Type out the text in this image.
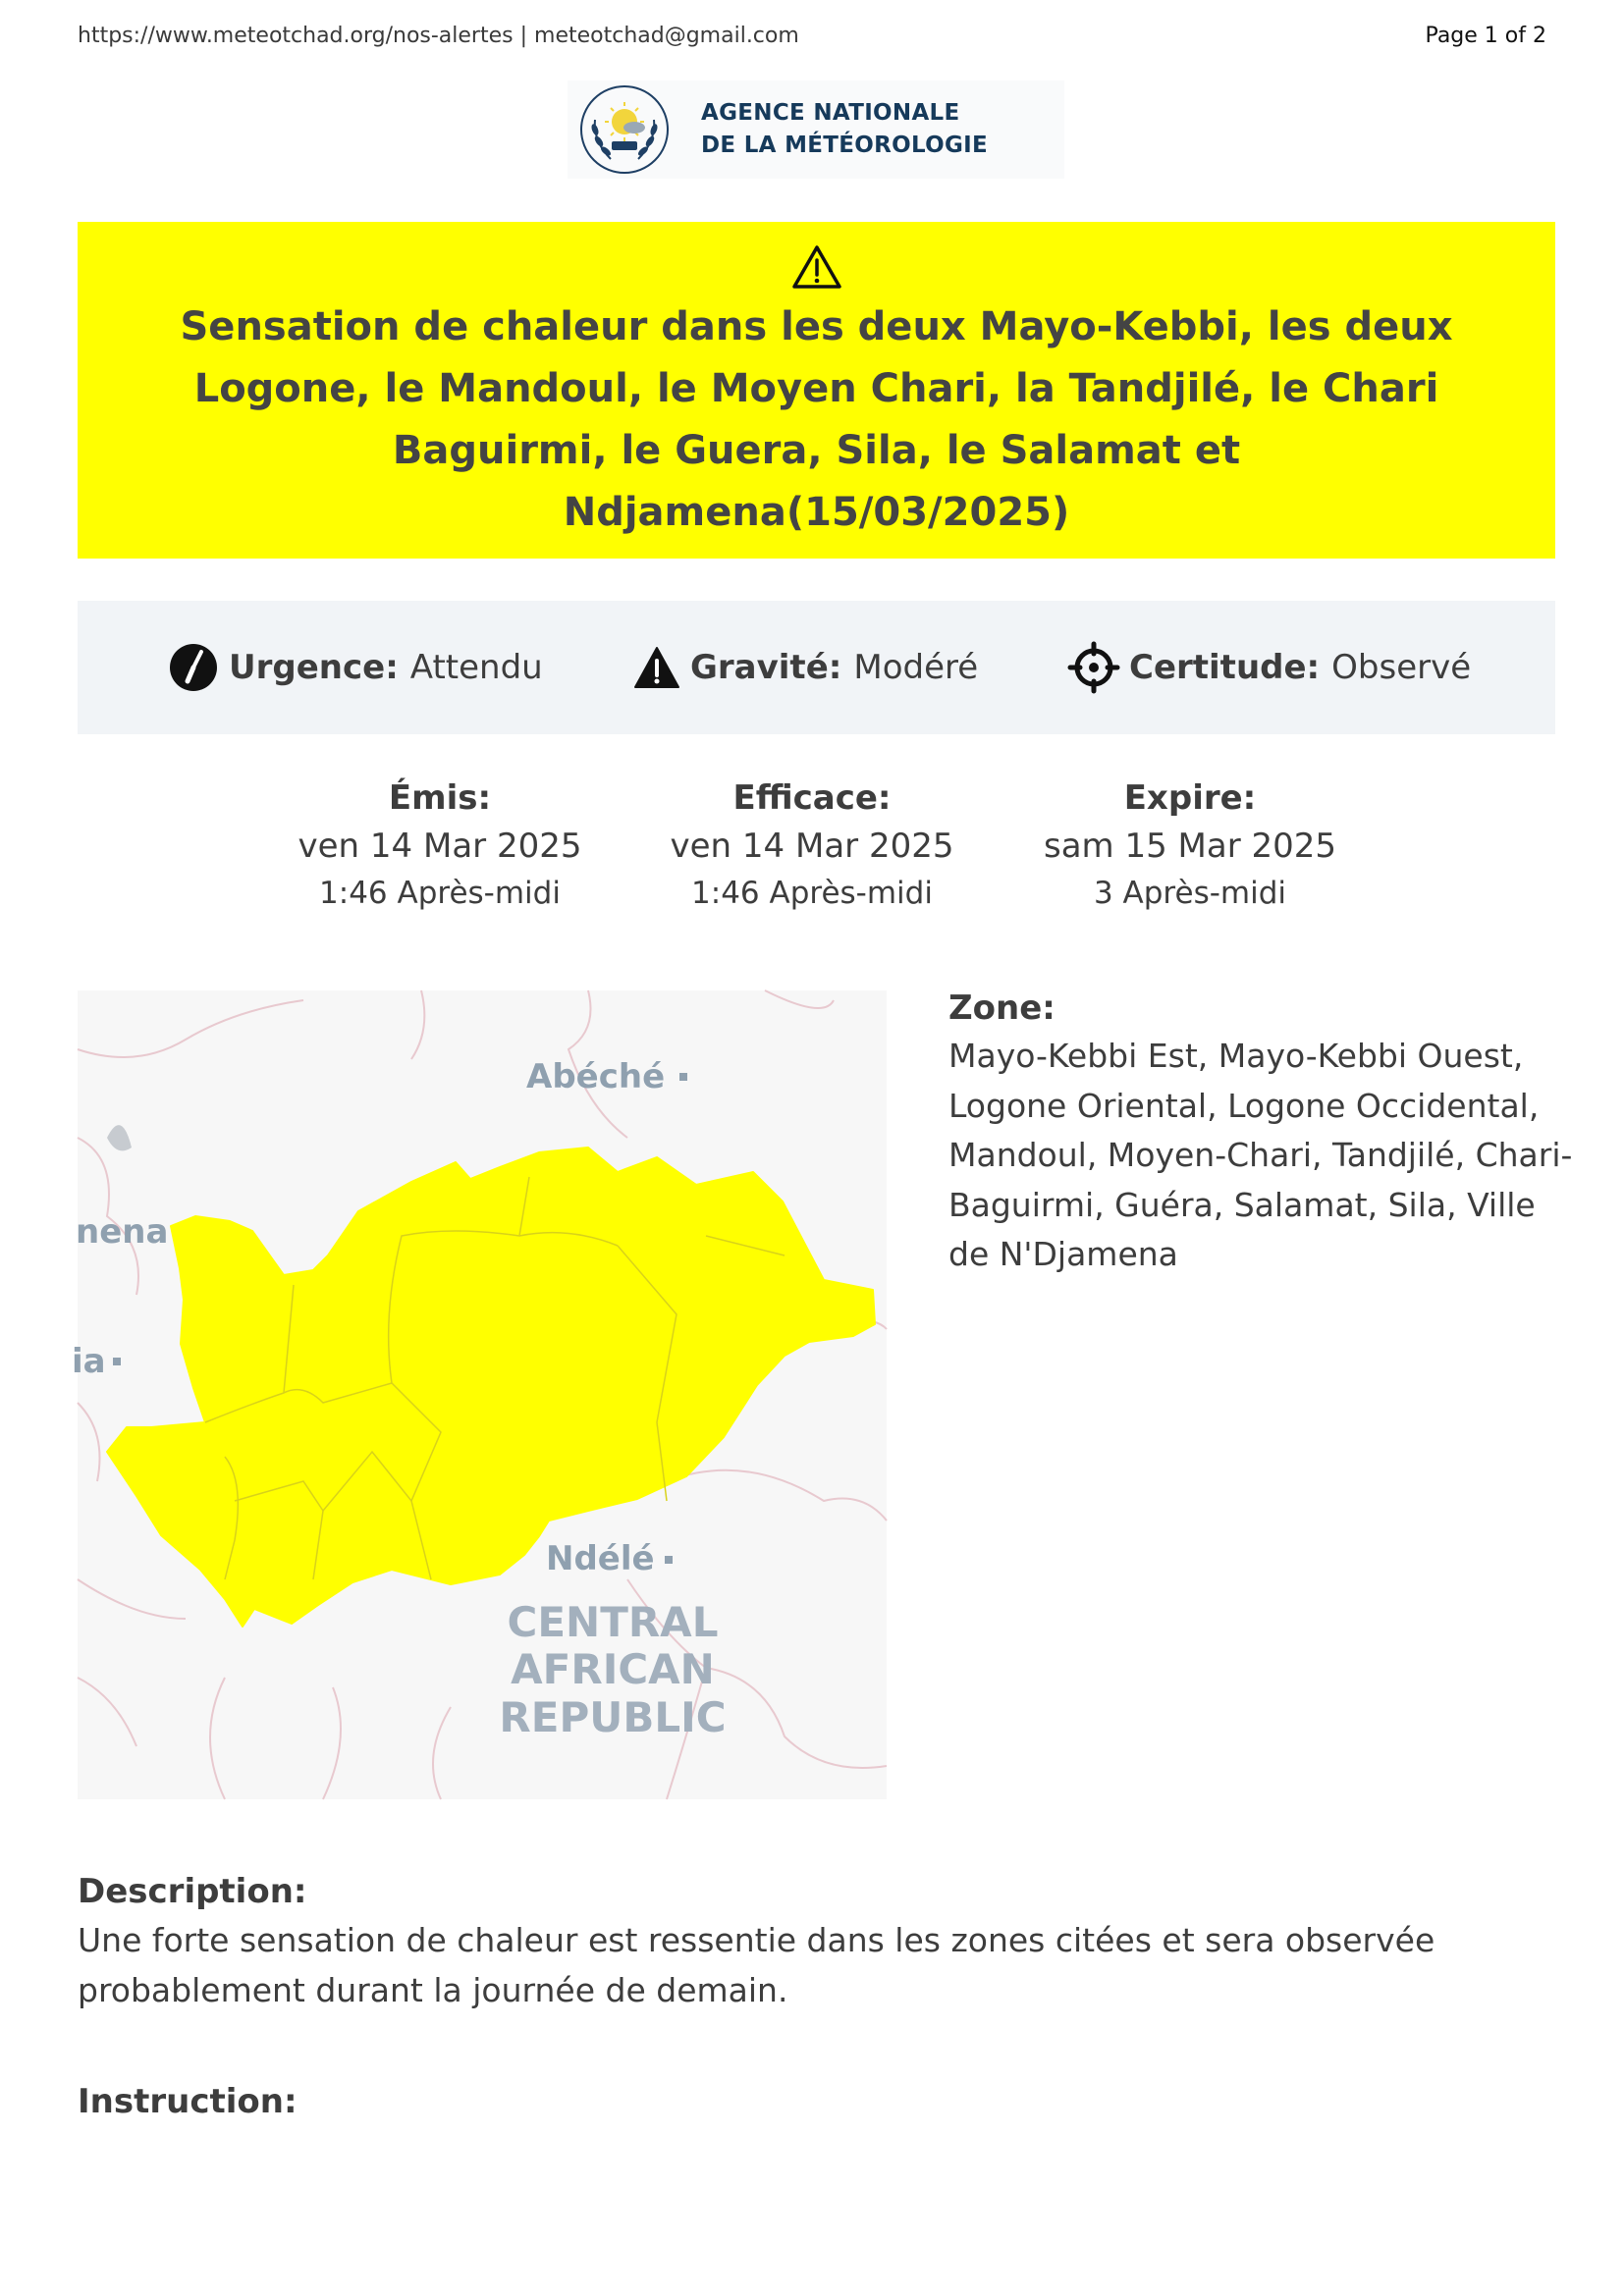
https://www.meteotchad.org/nos-alertes | meteotchad@gmail.com	Page 1 of 2
AGENCE NATIONALE
DE LA MÉTÉOROLOGIE
Sensation de chaleur dans les deux Mayo-Kebbi, les deux Logone, le Mandoul, le Moyen Chari, la Tandjilé, le Chari Baguirmi, le Guera, Sila, le Salamat et Ndjamena(15/03/2025)
Urgence: Attendu	Gravité: Modéré	Certitude: Observé
Émis:
ven 14 Mar 2025
1:46 Après-midi
Efficace:
ven 14 Mar 2025
1:46 Après-midi
Expire:
sam 15 Mar 2025
3 Après-midi
Abéché
nena
ia
Ndélé
CENTRAL
AFRICAN
REPUBLIC
Zone:
Mayo-Kebbi Est, Mayo-Kebbi Ouest, Logone Oriental, Logone Occidental, Mandoul, Moyen-Chari, Tandjilé, Chari-Baguirmi, Guéra, Salamat, Sila, Ville de N'Djamena
Description:
Une forte sensation de chaleur est ressentie dans les zones citées et sera observée probablement durant la journée de demain.
Instruction:
